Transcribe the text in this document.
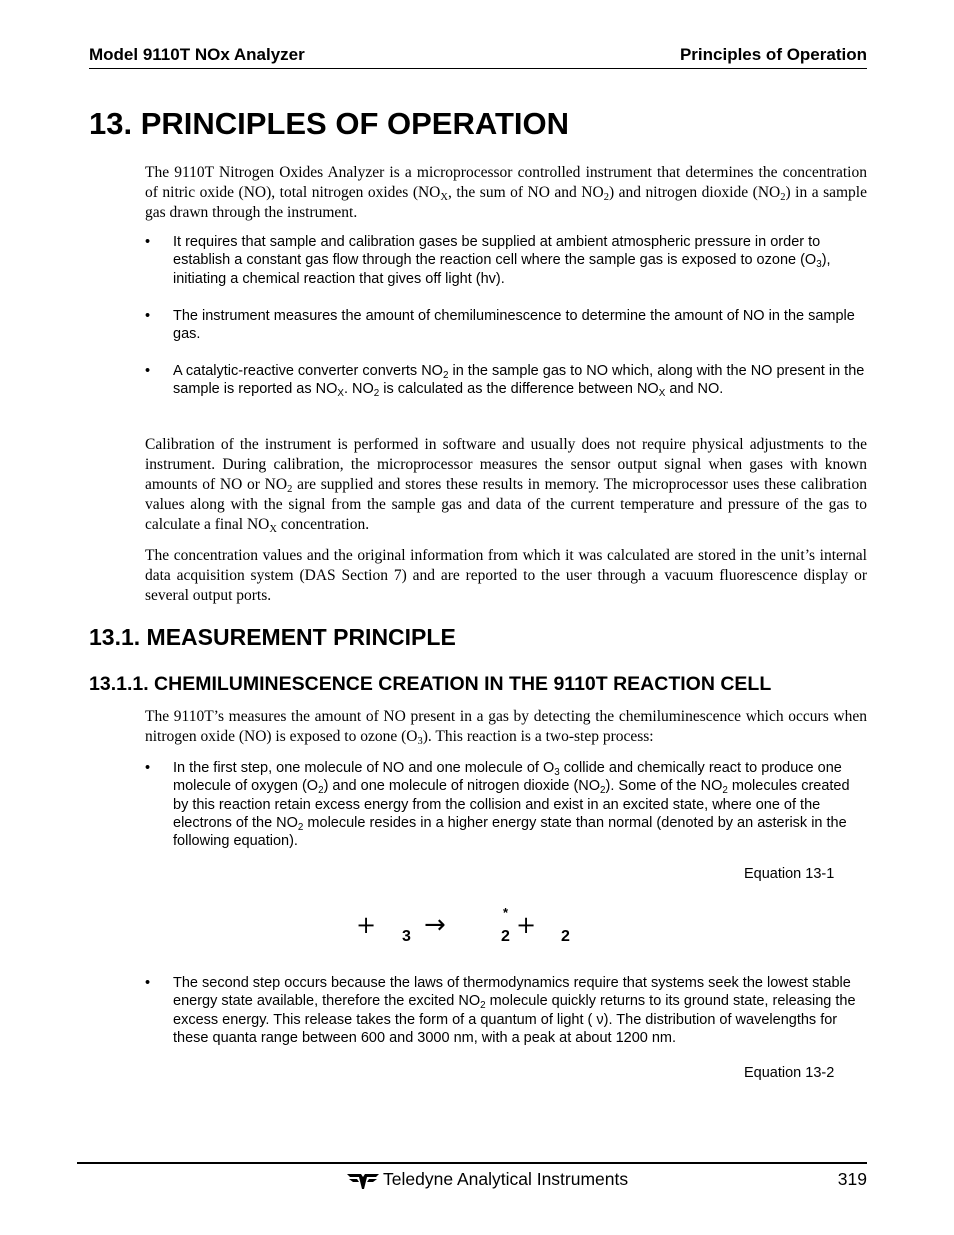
Model 9110T NOx Analyzer	Principles of Operation
13. PRINCIPLES OF OPERATION

The 9110T Nitrogen Oxides Analyzer is a microprocessor controlled instrument that determines the concentration of nitric oxide (NO), total nitrogen oxides ($NO_X$, the sum of NO and $NO_2$) and nitrogen dioxide $(NO_2)$ in a sample gas drawn through the instrument.

• It requires that sample and calibration gases be supplied at ambient atmospheric pressure in order to establish a constant gas flow through the reaction cell where the sample gas is exposed to ozone $(O_3)$, initiating a chemical reaction that gives off light (hv).
• The instrument measures the amount of chemiluminescence to determine the amount of NO in the sample gas.
• A catalytic-reactive converter converts $NO_2$ in the sample gas to NO which, along with the NO present in the sample is reported as $NO_X$. $NO_2$ is calculated as the difference between $NO_X$ and NO.

Calibration of the instrument is performed in software and usually does not require physical adjustments to the instrument. During calibration, the microprocessor measures the sensor output signal when gases with known amounts of NO or $NO_2$ are supplied and stores these results in memory. The microprocessor uses these calibration values along with the signal from the sample gas and data of the current temperature and pressure of the gas to calculate a final $NO_X$ concentration.

The concentration values and the original information from which it was calculated are stored in the unit’s internal data acquisition system (DAS Section 7) and are reported to the user through a vacuum fluorescence display or several output ports.

13.1. MEASUREMENT PRINCIPLE
13.1.1. CHEMILUMINESCENCE CREATION IN THE 9110T REACTION CELL

The 9110T’s measures the amount of NO present in a gas by detecting the chemiluminescence which occurs when nitrogen oxide (NO) is exposed to ozone $(O_3)$. This reaction is a two-step process:

• In the first step, one molecule of NO and one molecule of $O_3$ collide and chemically react to produce one molecule of oxygen $(O_2)$ and one molecule of nitrogen dioxide $(NO_2)$. Some of the $NO_2$ molecules created by this reaction retain excess energy from the collision and exist in an excited state, where one of the electrons of the $NO_2$ molecule resides in a higher energy state than normal (denoted by an asterisk in the following equation).
Equation 13-1
+ 3 →	*
2 + 2
• The second step occurs because the laws of thermodynamics require that systems seek the lowest stable energy state available, therefore the excited $NO_2$ molecule quickly returns to its ground state, releasing the excess energy. This release takes the form of a quantum of light ( ν). The distribution of wavelengths for these quanta range between 600 and 3000 nm, with a peak at about 1200 nm.
Equation 13-2
Teledyne Analytical Instruments	319
